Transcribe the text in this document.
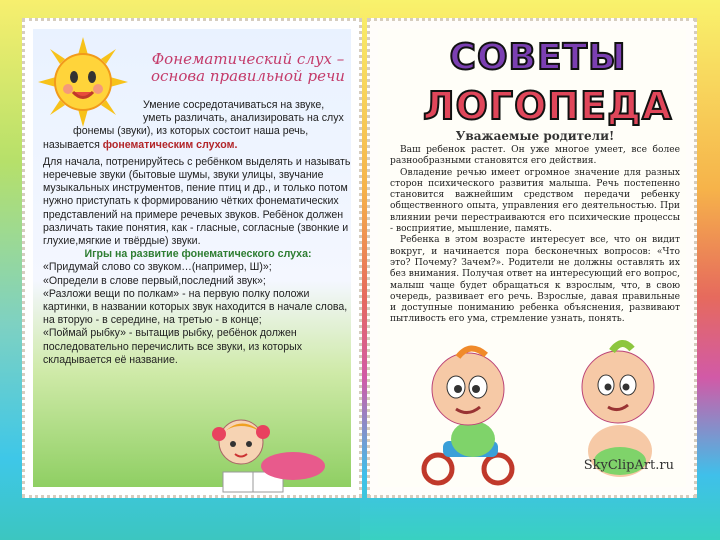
Фонематический слух –
основа правильной речи

Умение сосредотачиваться на звуке,

уметь различать, анализировать на слух

фонемы (звуки), из которых состоит наша речь,

называется фонематическим слухом.

Для начала, потренируйтесь с ребёнком выделять и называть неречевые звуки (бытовые шумы, звуки улицы, звучание музыкальных инструментов, пение птиц и др., и только потом нужно приступать к формированию чётких фонематических представлений на примере речевых звуков. Ребёнок должен различать такие понятия, как - гласные, согласные (звонкие и глухие,мягкие и твёрдые) звуки.

Игры на развитие фонематического слуха:

«Придумай слово со звуком…(например, Ш)»;

«Определи в слове первый,последний звук»;

«Разложи вещи по полкам» - на первую полку положи картинки, в названии которых звук находится в начале слова, на вторую - в середине, на третью - в конце;

«Поймай рыбку» - вытащив рыбку, ребёнок должен последовательно перечислить все звуки, из которых складывается её название.

СОВЕТЫ
ЛОГОПЕДА
Уважаемые родители!

Ваш ребенок растет. Он уже многое умеет, все более разнообразными становятся его действия.

Овладение речью имеет огромное значение для разных сторон психического развития малыша. Речь постепенно становится важнейшим средством передачи ребенку общественного опыта, управления его деятельностью. При влиянии речи перестраиваются его психические процессы - восприятие, мышление, память.

Ребенка в этом возрасте интересует все, что он видит вокруг, и начинается пора бесконечных вопросов: «Что это? Почему? Зачем?». Родители не должны оставлять их без внимания. Получая ответ на интересующий его вопрос, малыш чаще будет обращаться к взрослым, что, в свою очередь, развивает его речь. Взрослые, давая правильные и доступные пониманию ребенка объяснения, развивают пытливость его ума, стремление узнать, понять.

SkyClipArt.ru
